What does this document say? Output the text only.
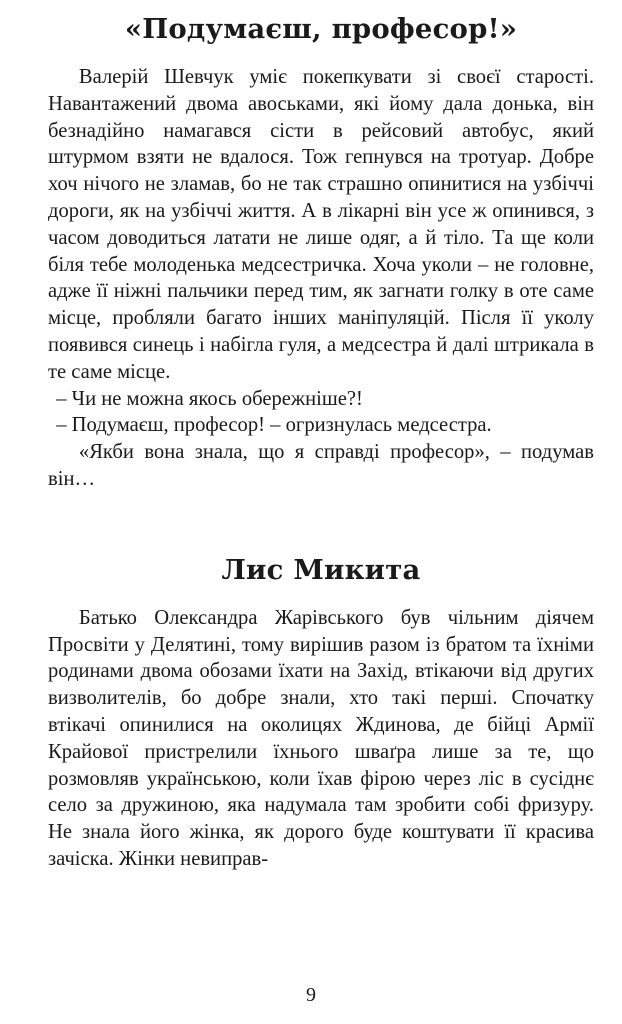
«Подумаєш, професор!»

Валерій Шевчук уміє покепкувати зі своєї старості. Навантажений двома авоськами, які йому дала донька, він безнадійно намагався сісти в рейсовий автобус, який штурмом взяти не вдалося. Тож гепнувся на тротуар. Добре хоч нічого не зламав, бо не так страшно опинитися на узбіччі дороги, як на узбіччі життя. А в лікарні він усе ж опинився, з часом доводиться латати не лише одяг, а й тіло. Та ще коли біля тебе молоденька медсестричка. Хоча уколи – не головне, адже її ніжні пальчики перед тим, як загнати голку в оте саме місце, пробляли багато інших маніпуляцій. Після її уколу появився синець і набігла гуля, а медсестра й далі штрикала в те саме місце.

– Чи не можна якось обережніше?!

– Подумаєш, професор! – огризнулась медсестра.

«Якби вона знала, що я справді професор», – подумав він…

Лис Микита

Батько Олександра Жарівського був чільним діячем Просвіти у Делятині, тому вирішив разом із братом та їхніми родинами двома обозами їхати на Захід, втікаючи від других визволителів, бо добре знали, хто такі перші. Спочатку втікачі опинилися на околицях Ждинова, де бійці Армії Крайової пристрелили їхнього шваґра лише за те, що розмовляв українською, коли їхав фірою через ліс в сусіднє село за дружиною, яка надумала там зробити собі фризуру. Не знала його жінка, як дорого буде коштувати її красива зачіска. Жінки невиправ-

9
